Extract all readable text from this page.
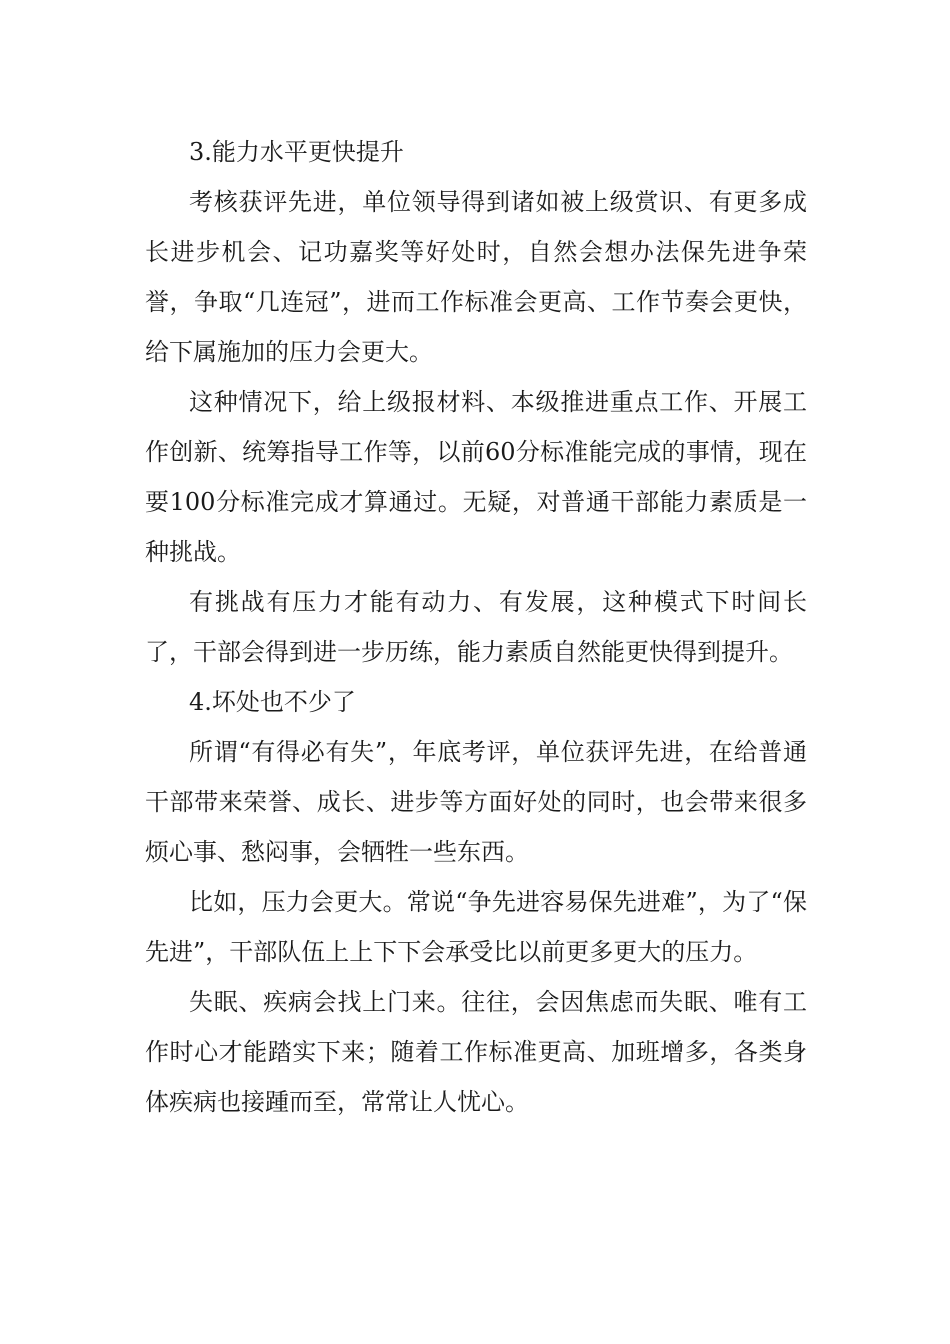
3.能力水平更快提升

考核获评先进，单位领导得到诸如被上级赏识、有更多成长进步机会、记功嘉奖等好处时，自然会想办法保先进争荣誉，争取“几连冠”，进而工作标准会更高、工作节奏会更快，给下属施加的压力会更大。

这种情况下，给上级报材料、本级推进重点工作、开展工作创新、统筹指导工作等，以前60分标准能完成的事情，现在要100分标准完成才算通过。无疑，对普通干部能力素质是一种挑战。

有挑战有压力才能有动力、有发展，这种模式下时间长了，干部会得到进一步历练，能力素质自然能更快得到提升。

4.坏处也不少了

所谓“有得必有失”，年底考评，单位获评先进，在给普通干部带来荣誉、成长、进步等方面好处的同时，也会带来很多烦心事、愁闷事，会牺牲一些东西。

比如，压力会更大。常说“争先进容易保先进难”，为了“保先进”，干部队伍上上下下会承受比以前更多更大的压力。

失眠、疾病会找上门来。往往，会因焦虑而失眠、唯有工作时心才能踏实下来；随着工作标准更高、加班增多，各类身体疾病也接踵而至，常常让人忧心。
